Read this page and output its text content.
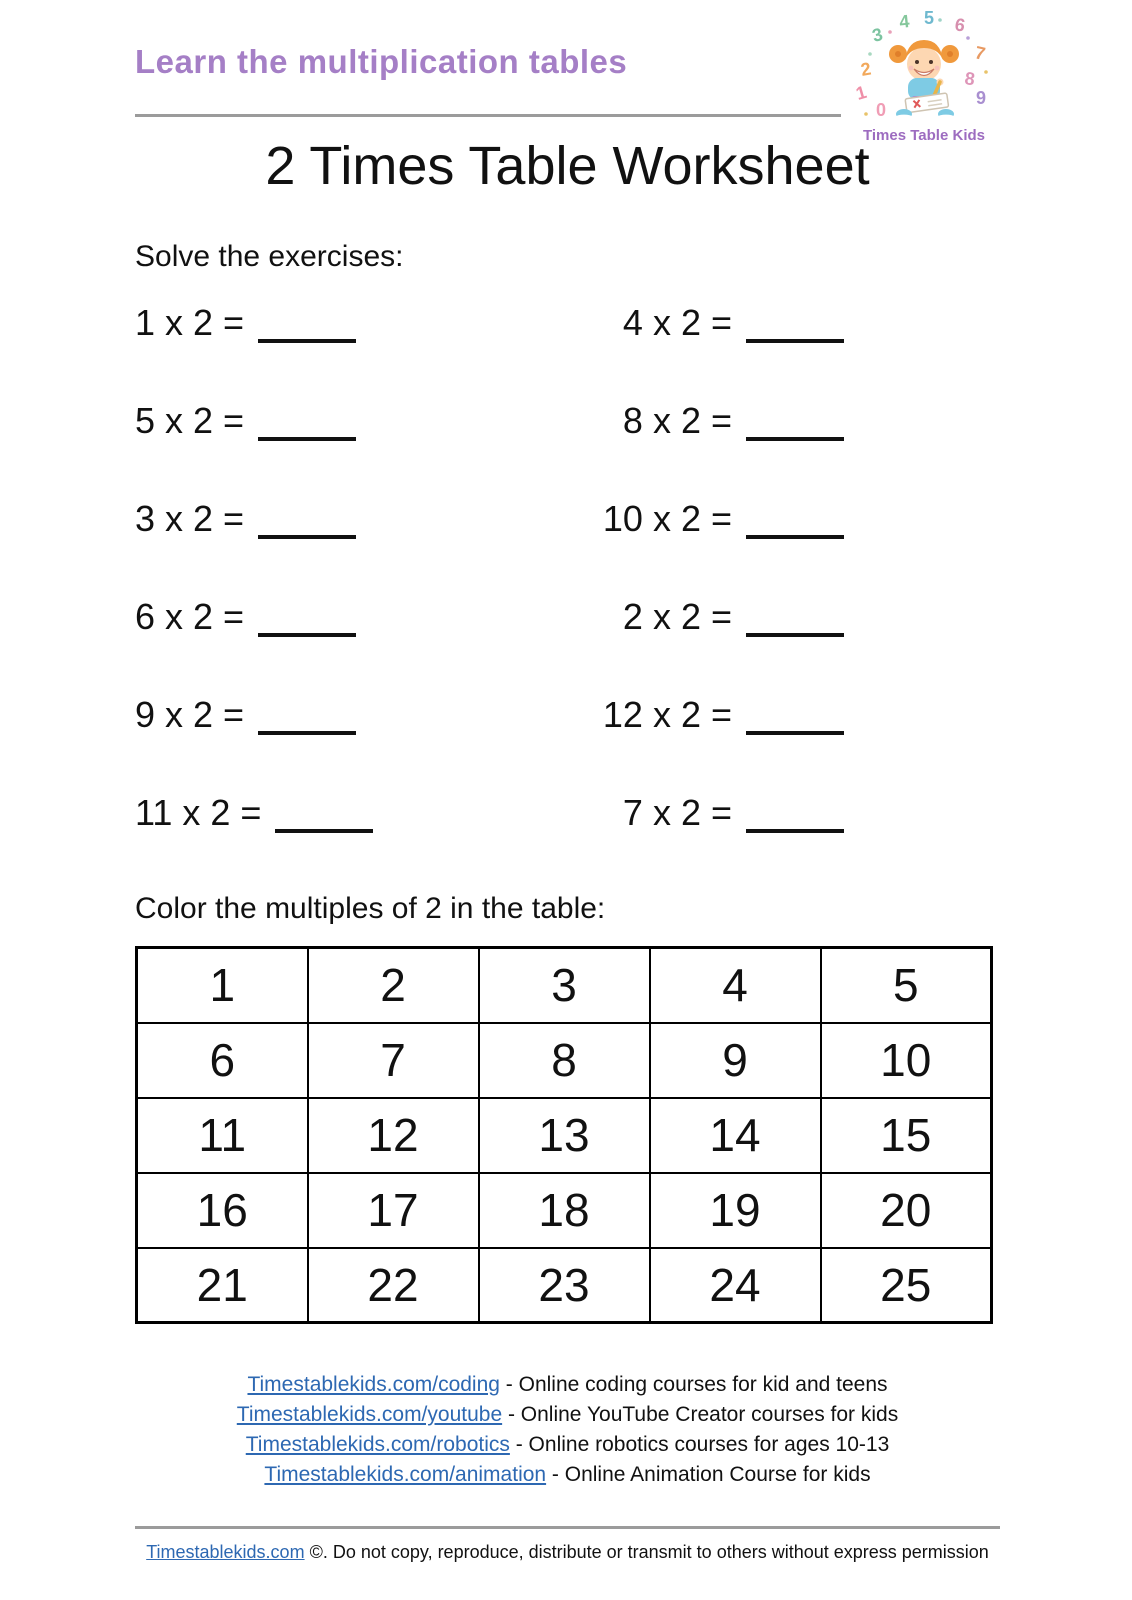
Learn the multiplication tables
3
4 5 6
2
7
1
8
9
0
Times Table Kids
2 Times Table Worksheet
Solve the exercises:
1 x 2 =	4 x 2 =
5 x 2 =	8 x 2 =
3 x 2 =	10 x 2 =
6 x 2 =	2 x 2 =
9 x 2 =	12 x 2 =
11 x 2 =	7 x 2 =
Color the multiples of 2 in the table:
1	2	3	4	5
6	7	8	9	10
11	12	13	14	15
16	17	18	19	20
21	22	23	24	25
Timestablekids.com/coding - Online coding courses for kid and teens
Timestablekids.com/youtube - Online YouTube Creator courses for kids
Timestablekids.com/robotics - Online robotics courses for ages 10-13
Timestablekids.com/animation - Online Animation Course for kids
Timestablekids.com ©. Do not copy, reproduce, distribute or transmit to others without express permission
